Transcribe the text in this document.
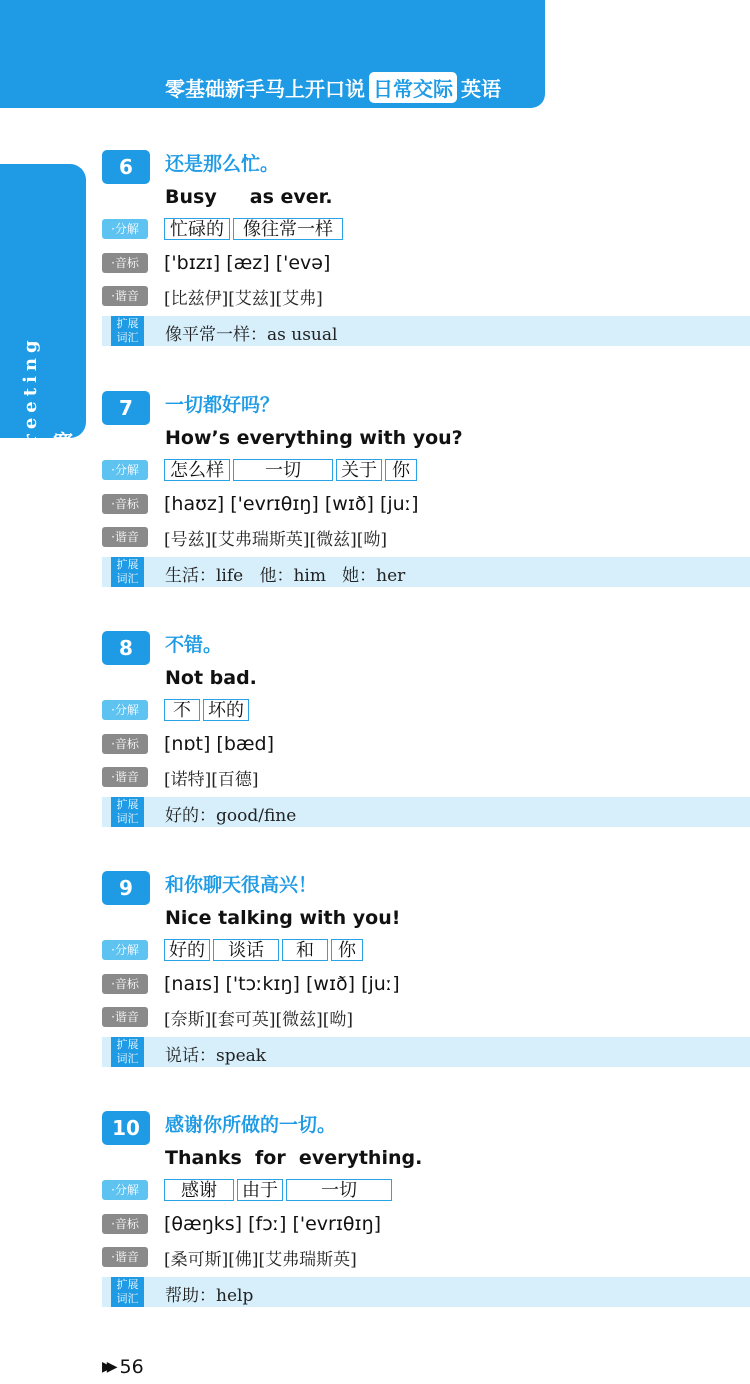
零基础新手马上开口说 日常交际 英语
Greeting 寒暄
6	还是那么忙。
Busy     as ever.
·分解	忙碌的	像往常一样
·音标	['bɪzɪ] [æz] ['evə]
·谐音	[比兹伊][艾兹][艾弗]
扩展
词汇	像平常一样：as usual
7	一切都好吗？
How’s everything with you?
·分解	怎么样	一切	关于 你
·音标	[haʊz] ['evrɪθɪŋ] [wɪð] [juː]
·谐音	[号兹][艾弗瑞斯英][微兹][呦]
扩展
词汇	生活：life   他：him   她：her
8	不错。
Not bad.
·分解	不 坏的
·音标	[nɒt] [bæd]
·谐音	[诺特][百德]
扩展
词汇	好的：good/fine
9	和你聊天很高兴！
Nice talking with you!
·分解	好的	谈话	和	你
·音标	[naɪs] ['tɔːkɪŋ] [wɪð] [juː]
·谐音	[奈斯][套可英][微兹][呦]
扩展
词汇	说话：speak
10	感谢你所做的一切。
Thanks  for  everything.
·分解	感谢	由于	一切
·音标	[θæŋks] [fɔː] ['evrɪθɪŋ]
·谐音	[桑可斯][佛][艾弗瑞斯英]
扩展
词汇	帮助：help
▶▶ 56
